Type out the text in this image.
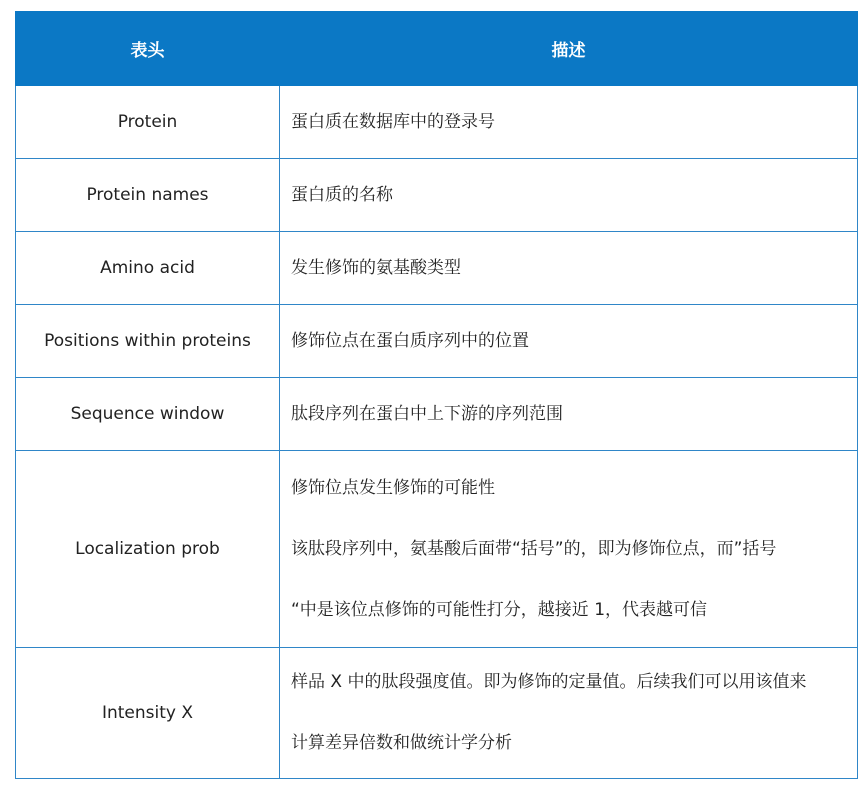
表头	描述
Protein	蛋白质在数据库中的登录号

Protein names	蛋白质的名称

Amino acid	发生修饰的氨基酸类型

Positions within proteins	修饰位点在蛋白质序列中的位置

Sequence window	肽段序列在蛋白中上下游的序列范围

Localization prob	修饰位点发生修饰的可能性
该肽段序列中，氨基酸后面带“括号”的，即为修饰位点，而”括号
“中是该位点修饰的可能性打分，越接近 1，代表越可信

Intensity X	样品 X 中的肽段强度值。即为修饰的定量值。后续我们可以用该值来
计算差异倍数和做统计学分析
